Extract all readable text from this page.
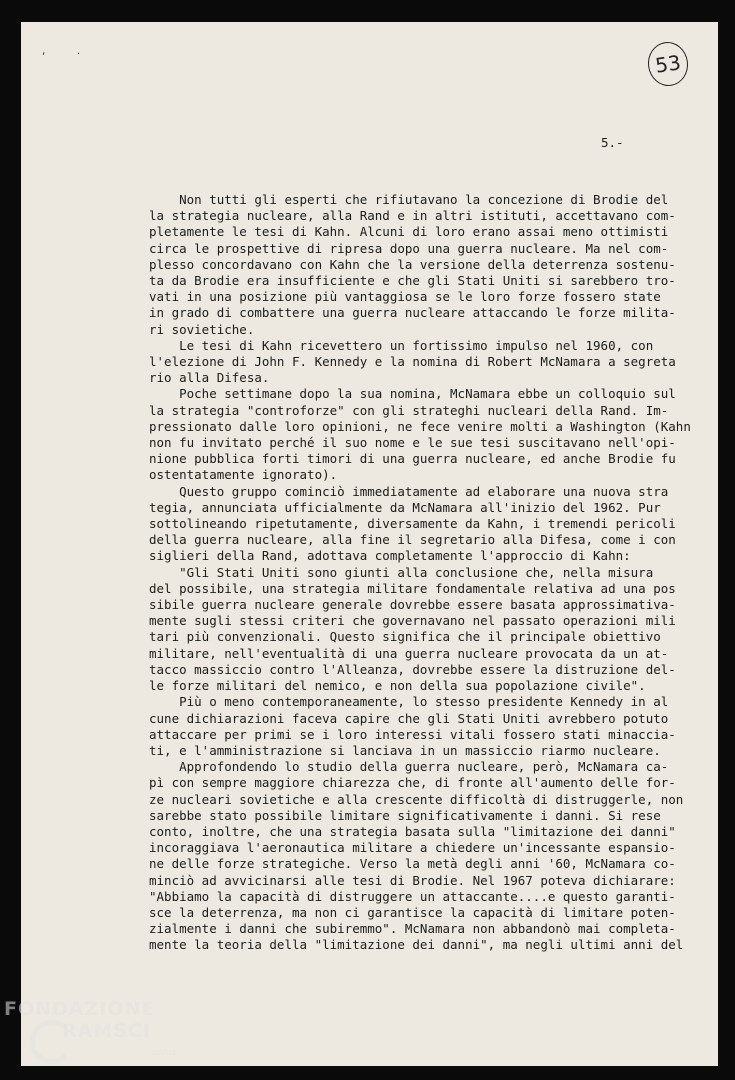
, .	53
5.-
Non tutti gli esperti che rifiutavano la concezione di Brodie del
la strategia nucleare, alla Rand e in altri istituti, accettavano com-
pletamente le tesi di Kahn. Alcuni di loro erano assai meno ottimisti
circa le prospettive di ripresa dopo una guerra nucleare. Ma nel com-
plesso concordavano con Kahn che la versione della deterrenza sostenu-
ta da Brodie era insufficiente e che gli Stati Uniti si sarebbero tro-
vati in una posizione più vantaggiosa se le loro forze fossero state
in grado di combattere una guerra nucleare attaccando le forze milita-
ri sovietiche.
Le tesi di Kahn ricevettero un fortissimo impulso nel 1960, con
l'elezione di John F. Kennedy e la nomina di Robert McNamara a segreta
rio alla Difesa.
Poche settimane dopo la sua nomina, McNamara ebbe un colloquio sul
la strategia "controforze" con gli strateghi nucleari della Rand. Im-
pressionato dalle loro opinioni, ne fece venire molti a Washington (Kahn
non fu invitato perché il suo nome e le sue tesi suscitavano nell'opi-
nione pubblica forti timori di una guerra nucleare, ed anche Brodie fu
ostentatamente ignorato).
Questo gruppo cominciò immediatamente ad elaborare una nuova stra
tegia, annunciata ufficialmente da McNamara all'inizio del 1962. Pur
sottolineando ripetutamente, diversamente da Kahn, i tremendi pericoli
della guerra nucleare, alla fine il segretario alla Difesa, come i con
siglieri della Rand, adottava completamente l'approccio di Kahn:
"Gli Stati Uniti sono giunti alla conclusione che, nella misura
del possibile, una strategia militare fondamentale relativa ad una pos
sibile guerra nucleare generale dovrebbe essere basata approssimativa-
mente sugli stessi criteri che governavano nel passato operazioni mili
tari più convenzionali. Questo significa che il principale obiettivo
militare, nell'eventualità di una guerra nucleare provocata da un at-
tacco massiccio contro l'Alleanza, dovrebbe essere la distruzione del-
le forze militari del nemico, e non della sua popolazione civile".
Più o meno contemporaneamente, lo stesso presidente Kennedy in al
cune dichiarazioni faceva capire che gli Stati Uniti avrebbero potuto
attaccare per primi se i loro interessi vitali fossero stati minaccia-
ti, e l'amministrazione si lanciava in un massiccio riarmo nucleare.
Approfondendo lo studio della guerra nucleare, però, McNamara ca-
pì con sempre maggiore chiarezza che, di fronte all'aumento delle for-
ze nucleari sovietiche e alla crescente difficoltà di distruggerle, non
sarebbe stato possibile limitare significativamente i danni. Si rese
conto, inoltre, che una strategia basata sulla "limitazione dei danni"
incoraggiava l'aeronautica militare a chiedere un'incessante espansio-
ne delle forze strategiche. Verso la metà degli anni '60, McNamara co-
minciò ad avvicinarsi alle tesi di Brodie. Nel 1967 poteva dichiarare:
"Abbiamo la capacità di distruggere un attaccante....e questo garanti-
sce la deterrenza, ma non ci garantisce la capacità di limitare poten-
zialmente i danni che subiremmo". McNamara non abbandonò mai completa-
mente la teoria della "limitazione dei danni", ma negli ultimi anni del
FONDAZIONE
RAMSCI
onlus
